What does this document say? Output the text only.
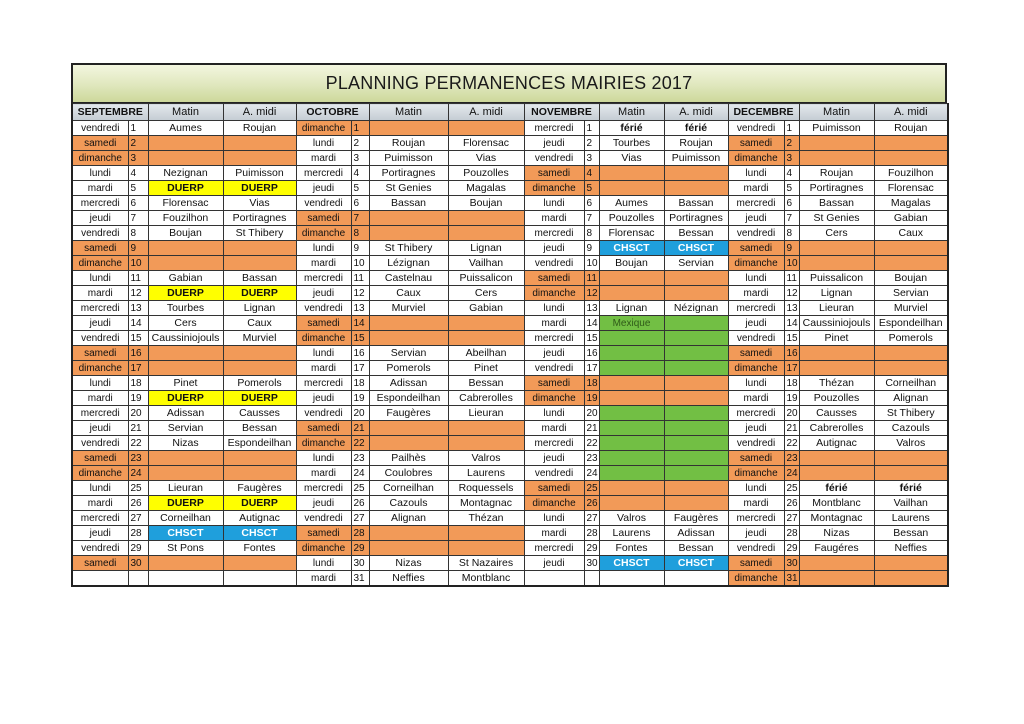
PLANNING PERMANENCES MAIRIES 2017
SEPTEMBRE		Matin	A. midi	OCTOBRE		Matin	A. midi	NOVEMBRE		Matin	A. midi	DECEMBRE		Matin	A. midi
vendredi	1	Aumes	Roujan	dimanche	1			mercredi	1	férié	férié	vendredi	1	Puimisson	Roujan
samedi	2			lundi	2	Roujan	Florensac	jeudi	2	Tourbes	Roujan	samedi	2		
dimanche	3			mardi	3	Puimisson	Vias	vendredi	3	Vias	Puimisson	dimanche	3		
lundi	4	Nezignan	Puimisson	mercredi	4	Portiragnes	Pouzolles	samedi	4			lundi	4	Roujan	Fouzilhon
mardi	5	DUERP	DUERP	jeudi	5	St Genies	Magalas	dimanche	5			mardi	5	Portiragnes	Florensac
mercredi	6	Florensac	Vias	vendredi	6	Bassan	Boujan	lundi	6	Aumes	Bassan	mercredi	6	Bassan	Magalas
jeudi	7	Fouzilhon	Portiragnes	samedi	7			mardi	7	Pouzolles	Portiragnes	jeudi	7	St Genies	Gabian
vendredi	8	Boujan	St Thibery	dimanche	8			mercredi	8	Florensac	Bessan	vendredi	8	Cers	Caux
samedi	9			lundi	9	St Thibery	Lignan	jeudi	9	CHSCT	CHSCT	samedi	9		
dimanche	10			mardi	10	Lézignan	Vailhan	vendredi	10	Boujan	Servian	dimanche	10		
lundi	11	Gabian	Bassan	mercredi	11	Castelnau	Puissalicon	samedi	11			lundi	11	Puissalicon	Boujan
mardi	12	DUERP	DUERP	jeudi	12	Caux	Cers	dimanche	12			mardi	12	Lignan	Servian
mercredi	13	Tourbes	Lignan	vendredi	13	Murviel	Gabian	lundi	13	Lignan	Nézignan	mercredi	13	Lieuran	Murviel
jeudi	14	Cers	Caux	samedi	14			mardi	14	Mexique		jeudi	14	Caussiniojouls	Espondeilhan
vendredi	15	Caussiniojouls	Murviel	dimanche	15			mercredi	15			vendredi	15	Pinet	Pomerols
samedi	16			lundi	16	Servian	Abeilhan	jeudi	16			samedi	16		
dimanche	17			mardi	17	Pomerols	Pinet	vendredi	17			dimanche	17		
lundi	18	Pinet	Pomerols	mercredi	18	Adissan	Bessan	samedi	18			lundi	18	Thézan	Corneilhan
mardi	19	DUERP	DUERP	jeudi	19	Espondeilhan	Cabrerolles	dimanche	19			mardi	19	Pouzolles	Alignan
mercredi	20	Adissan	Causses	vendredi	20	Faugères	Lieuran	lundi	20			mercredi	20	Causses	St Thibery
jeudi	21	Servian	Bessan	samedi	21			mardi	21			jeudi	21	Cabrerolles	Cazouls
vendredi	22	Nizas	Espondeilhan	dimanche	22			mercredi	22			vendredi	22	Autignac	Valros
samedi	23			lundi	23	Pailhès	Valros	jeudi	23			samedi	23		
dimanche	24			mardi	24	Coulobres	Laurens	vendredi	24			dimanche	24		
lundi	25	Lieuran	Faugères	mercredi	25	Corneilhan	Roquessels	samedi	25			lundi	25	férié	férié
mardi	26	DUERP	DUERP	jeudi	26	Cazouls	Montagnac	dimanche	26			mardi	26	Montblanc	Vailhan
mercredi	27	Corneilhan	Autignac	vendredi	27	Alignan	Thézan	lundi	27	Valros	Faugères	mercredi	27	Montagnac	Laurens
jeudi	28	CHSCT	CHSCT	samedi	28			mardi	28	Laurens	Adissan	jeudi	28	Nizas	Bessan
vendredi	29	St Pons	Fontes	dimanche	29			mercredi	29	Fontes	Bessan	vendredi	29	Faugéres	Neffies
samedi	30			lundi	30	Nizas	St Nazaires	jeudi	30	CHSCT	CHSCT	samedi	30		
				mardi	31	Neffies	Montblanc					dimanche	31		
